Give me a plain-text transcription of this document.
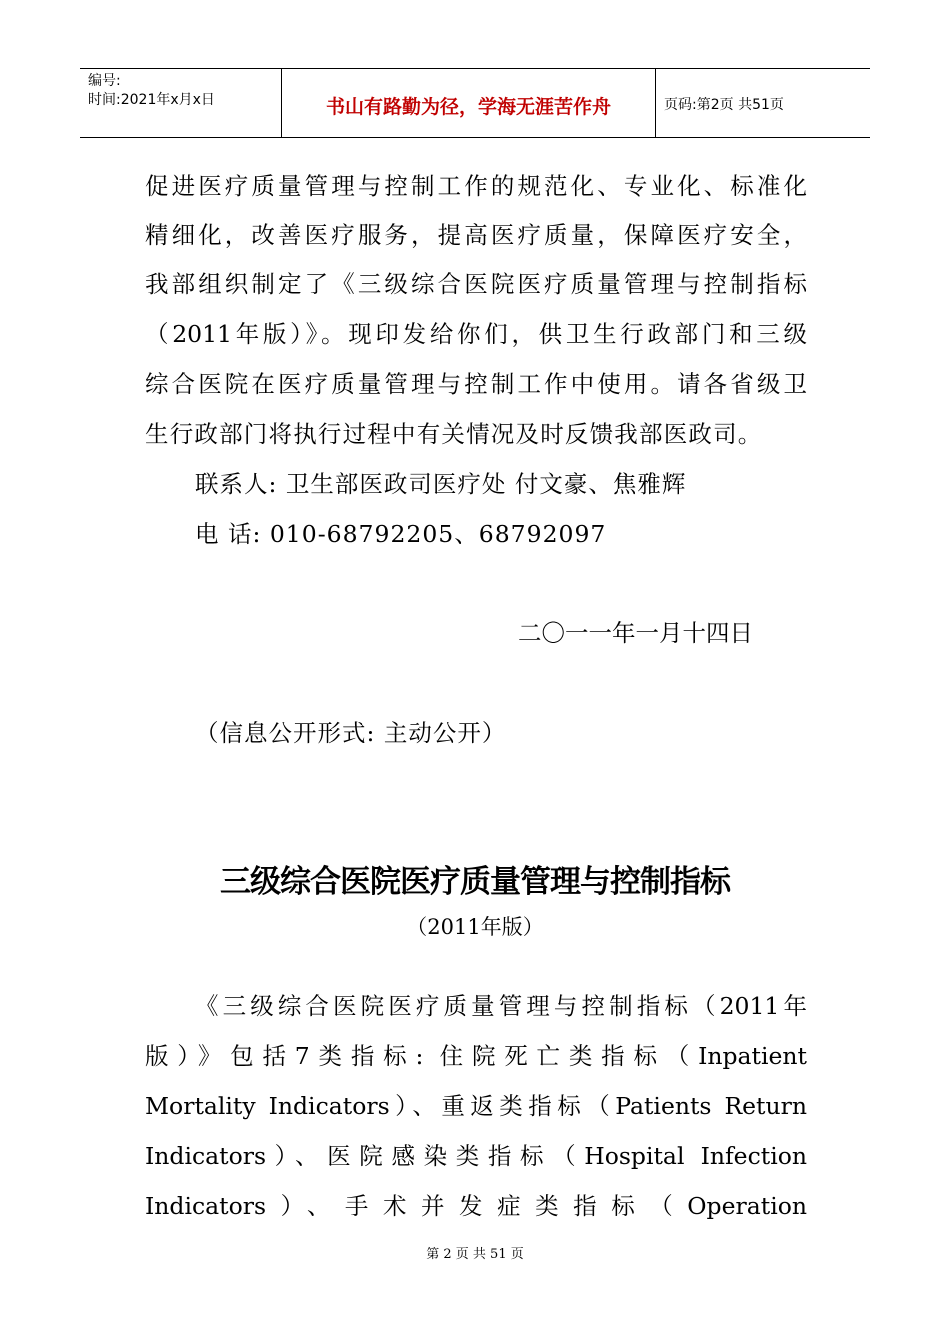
编号:
时间:2021年x月x日	书山有路勤为径，学海无涯苦作舟	页码:第2页 共51页
促进医疗质量管理与控制工作的规范化、专业化、标准化
精细化，改善医疗服务，提高医疗质量，保障医疗安全，
我部组织制定了《三级综合医院医疗质量管理与控制指标
（2011年版）》。现印发给你们，供卫生行政部门和三级
综合医院在医疗质量管理与控制工作中使用。请各省级卫
生行政部门将执行过程中有关情况及时反馈我部医政司。
联系人: 卫生部医政司医疗处 付文豪、焦雅辉
电 话: 010-68792205、68792097
二〇一一年一月十四日
（信息公开形式: 主动公开）
三级综合医院医疗质量管理与控制指标
（2011年版）
《三级综合医院医疗质量管理与控制指标（2011年
版）》包括7类指标: 住院死亡类指标（Inpatient
Mortality Indicators）、重返类指标（Patients Return
Indicators）、医院感染类指标（Hospital Infection
Indicators）、手术并发症类指标（Operation
第 2 页 共 51 页
